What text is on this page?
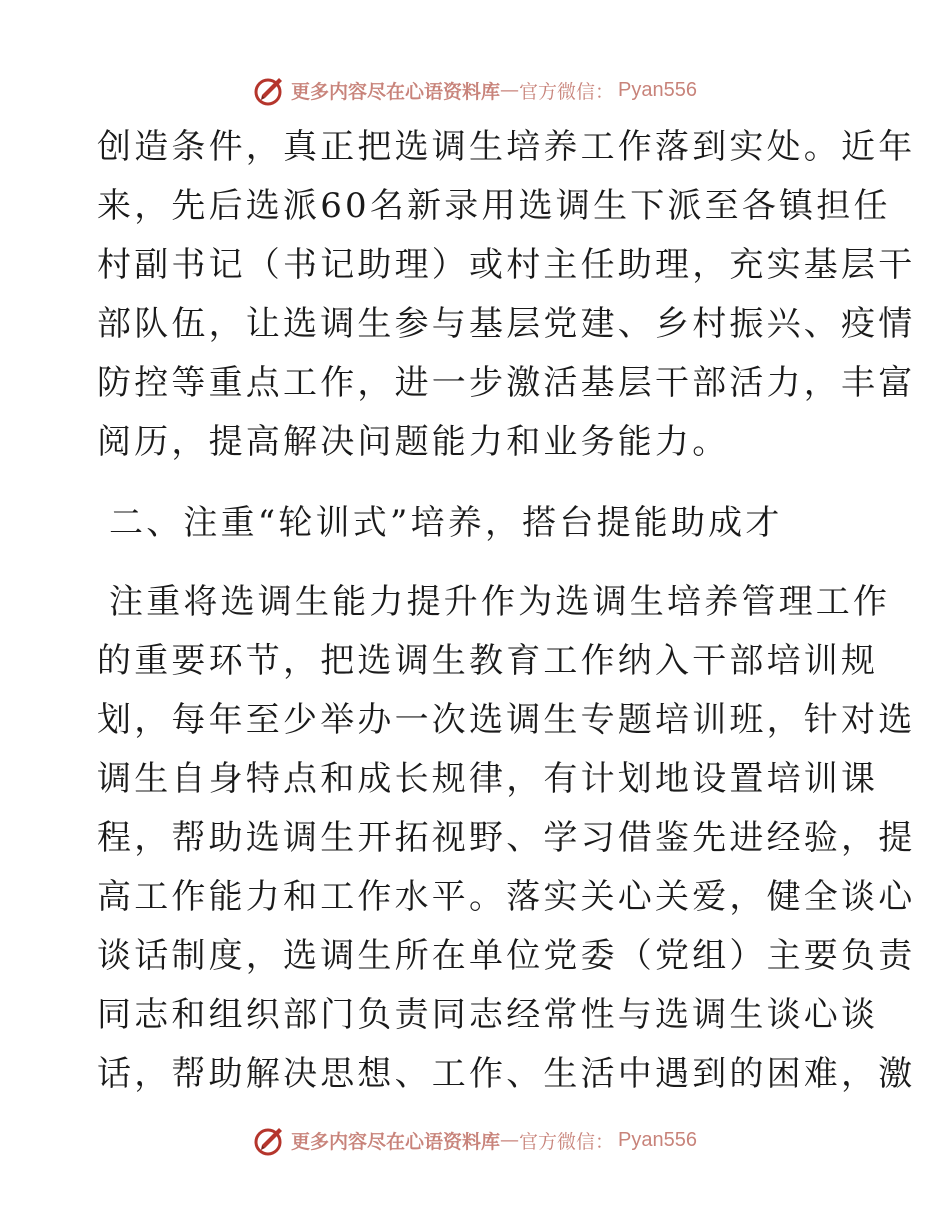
更多内容尽在心语资料库 — 官方微信： Pyan556
创造条件，真正把选调生培养工作落到实处。近年
来，先后选派60名新录用选调生下派至各镇担任
村副书记（书记助理）或村主任助理，充实基层干
部队伍，让选调生参与基层党建、乡村振兴、疫情
防控等重点工作，进一步激活基层干部活力，丰富
阅历，提高解决问题能力和业务能力。
二、注重“轮训式”培养，搭台提能助成才
注重将选调生能力提升作为选调生培养管理工作
的重要环节，把选调生教育工作纳入干部培训规
划，每年至少举办一次选调生专题培训班，针对选
调生自身特点和成长规律，有计划地设置培训课
程，帮助选调生开拓视野、学习借鉴先进经验，提
高工作能力和工作水平。落实关心关爱，健全谈心
谈话制度，选调生所在单位党委（党组）主要负责
同志和组织部门负责同志经常性与选调生谈心谈
话，帮助解决思想、工作、生活中遇到的困难，激
更多内容尽在心语资料库 — 官方微信： Pyan556
